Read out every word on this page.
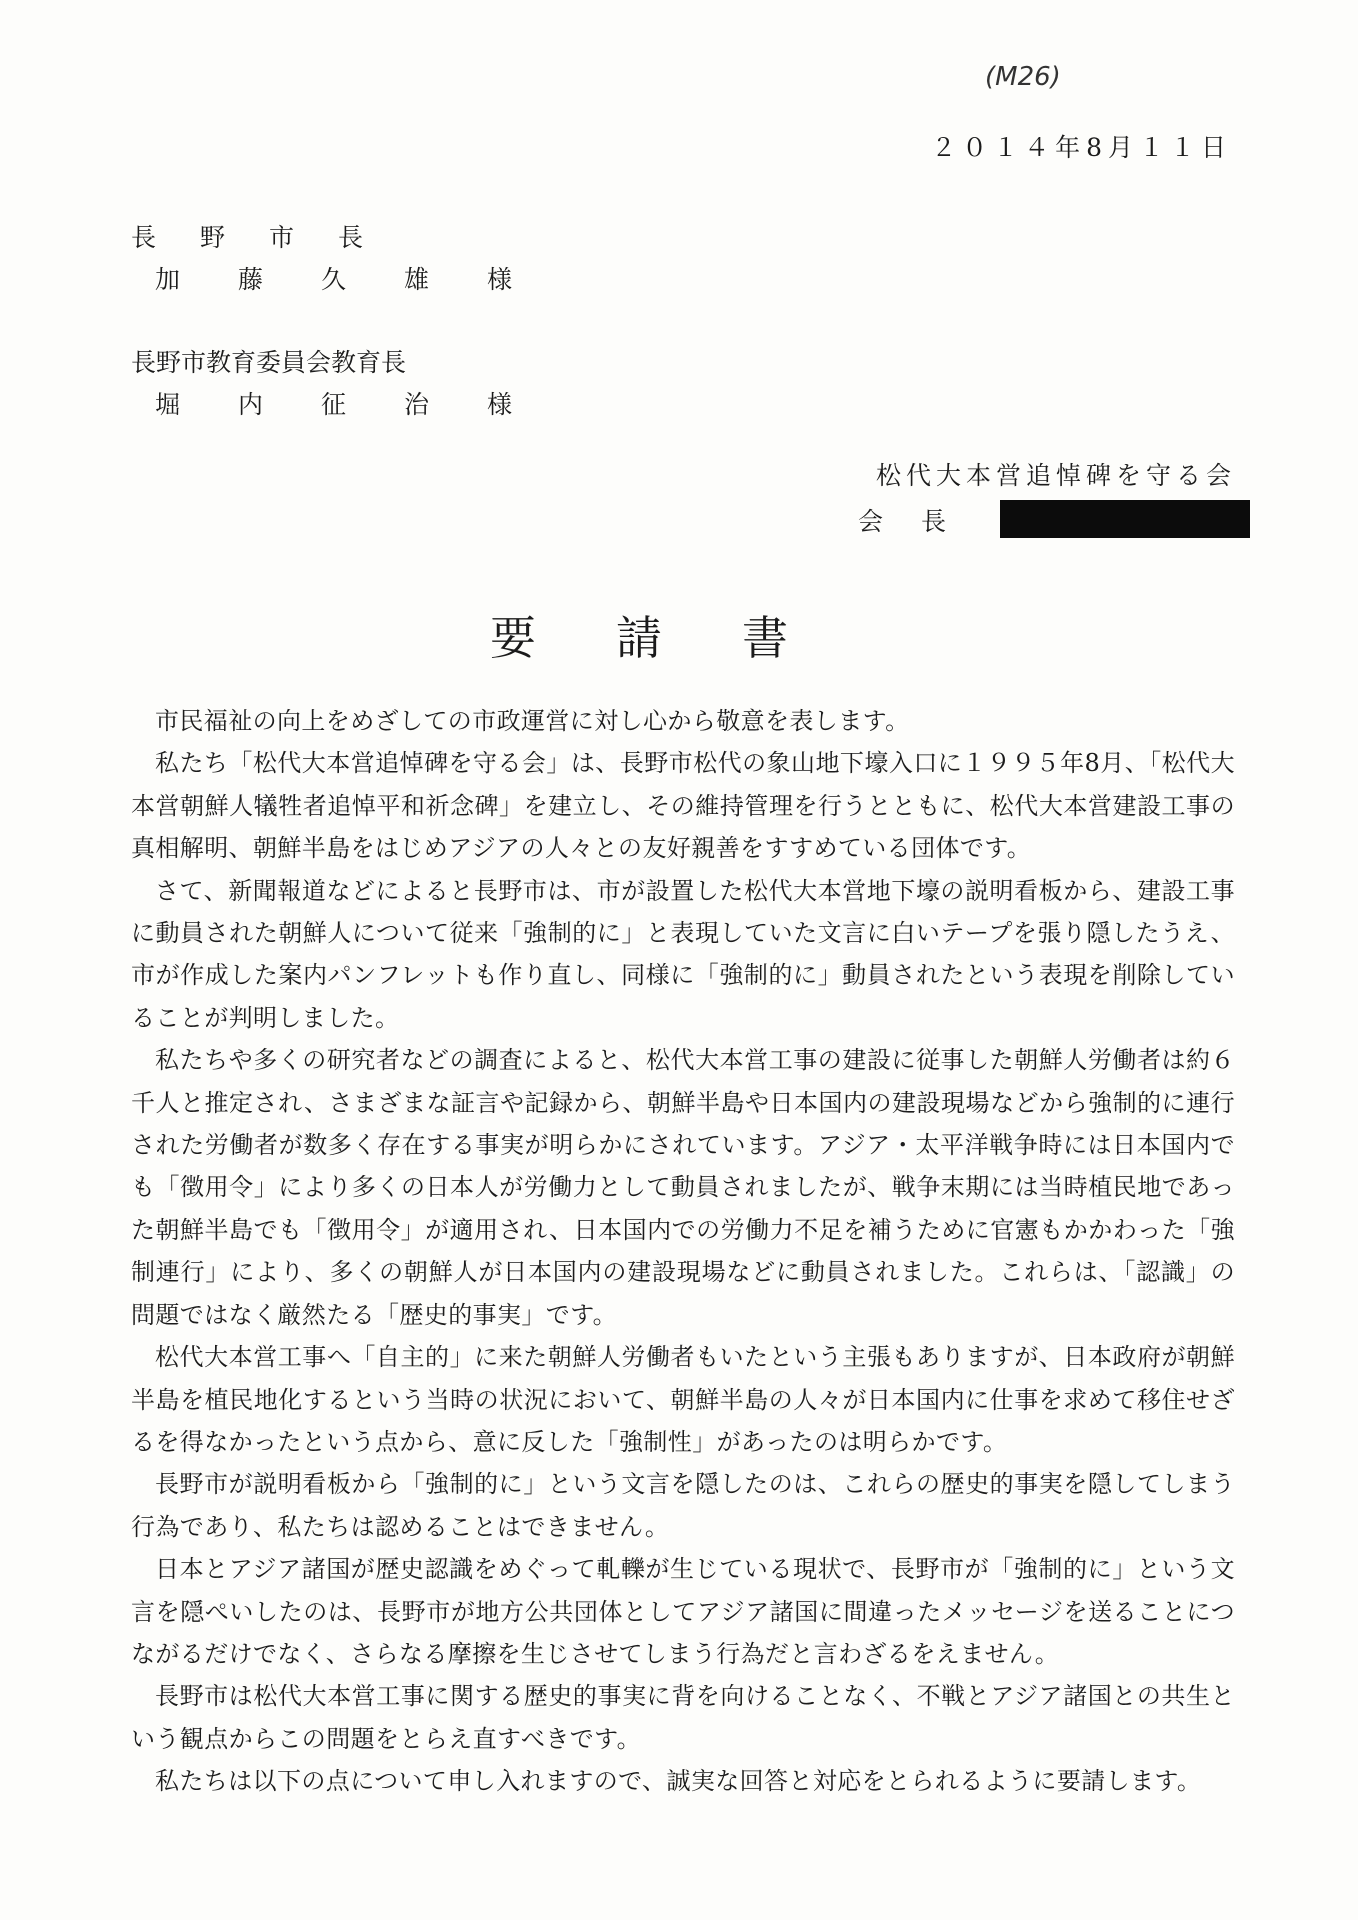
(M26)
２０１４年8月１１日
長野市長
加藤久雄様
長野市教育委員会教育長
堀内征治様
松代大本営追悼碑を守る会
会長
要請書

市民福祉の向上をめざしての市政運営に対し心から敬意を表します。

私たち「松代大本営追悼碑を守る会」は、長野市松代の象山地下壕入口に１９９５年8月、「松代大本営朝鮮人犠牲者追悼平和祈念碑」を建立し、その維持管理を行うとともに、松代大本営建設工事の真相解明、朝鮮半島をはじめアジアの人々との友好親善をすすめている団体です。

さて、新聞報道などによると長野市は、市が設置した松代大本営地下壕の説明看板から、建設工事に動員された朝鮮人について従来「強制的に」と表現していた文言に白いテープを張り隠したうえ、市が作成した案内パンフレットも作り直し、同様に「強制的に」動員されたという表現を削除していることが判明しました。

私たちや多くの研究者などの調査によると、松代大本営工事の建設に従事した朝鮮人労働者は約６千人と推定され、さまざまな証言や記録から、朝鮮半島や日本国内の建設現場などから強制的に連行された労働者が数多く存在する事実が明らかにされています。アジア・太平洋戦争時には日本国内でも「徴用令」により多くの日本人が労働力として動員されましたが、戦争末期には当時植民地であった朝鮮半島でも「徴用令」が適用され、日本国内での労働力不足を補うために官憲もかかわった「強制連行」により、多くの朝鮮人が日本国内の建設現場などに動員されました。これらは、「認識」の問題ではなく厳然たる「歴史的事実」です。

松代大本営工事へ「自主的」に来た朝鮮人労働者もいたという主張もありますが、日本政府が朝鮮半島を植民地化するという当時の状況において、朝鮮半島の人々が日本国内に仕事を求めて移住せざるを得なかったという点から、意に反した「強制性」があったのは明らかです。

長野市が説明看板から「強制的に」という文言を隠したのは、これらの歴史的事実を隠してしまう行為であり、私たちは認めることはできません。

日本とアジア諸国が歴史認識をめぐって軋轢が生じている現状で、長野市が「強制的に」という文言を隠ぺいしたのは、長野市が地方公共団体としてアジア諸国に間違ったメッセージを送ることにつながるだけでなく、さらなる摩擦を生じさせてしまう行為だと言わざるをえません。

長野市は松代大本営工事に関する歴史的事実に背を向けることなく、不戦とアジア諸国との共生という観点からこの問題をとらえ直すべきです。

私たちは以下の点について申し入れますので、誠実な回答と対応をとられるように要請します。
